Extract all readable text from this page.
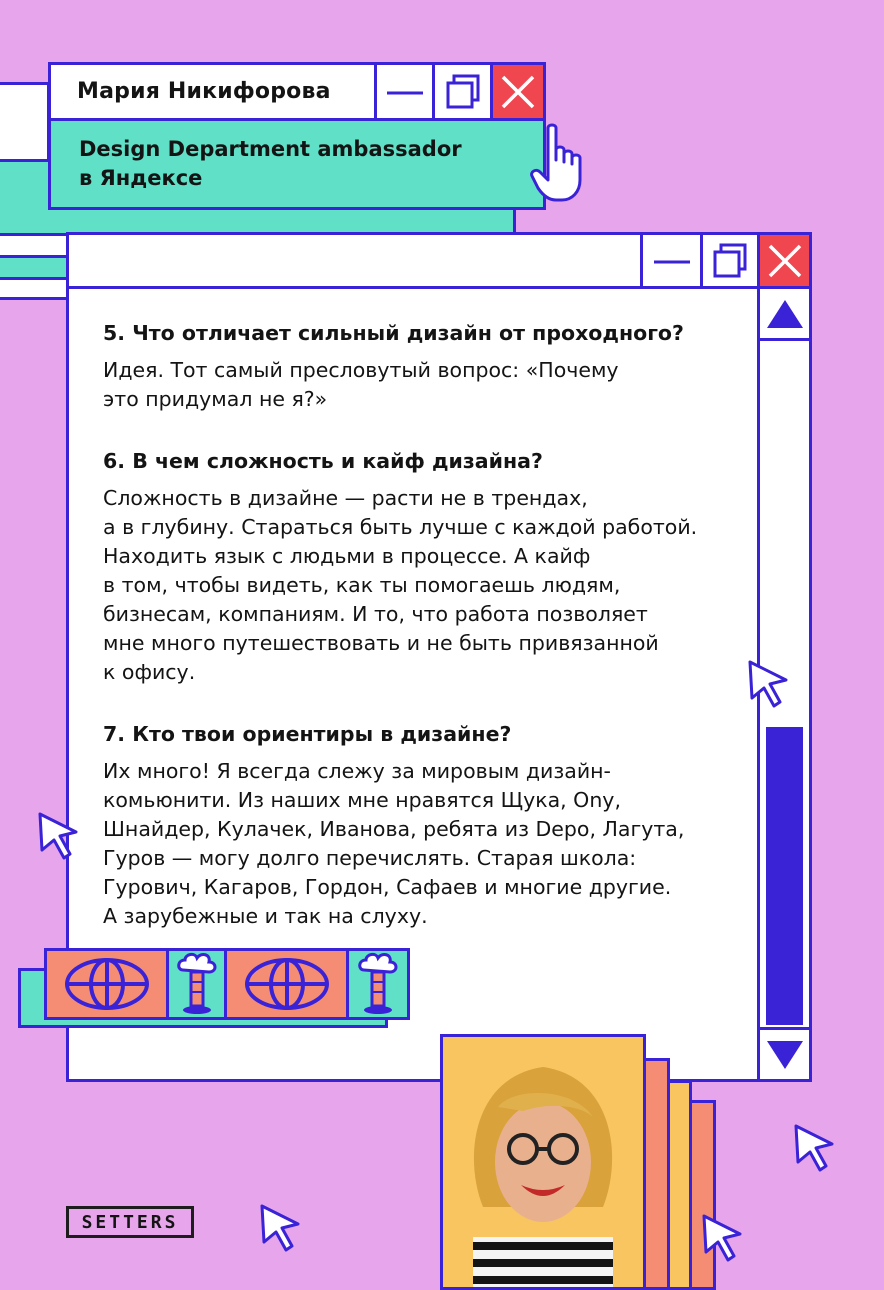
Мария Никифорова
Design Department ambassador
в Яндексе

5. Что отличает сильный дизайн от проходного?

Идея. Тот самый пресловутый вопрос: «Почему
это придумал не я?»

6. В чем сложность и кайф дизайна?

Сложность в дизайне — расти не в трендах,
а в глубину. Стараться быть лучше с каждой работой.
Находить язык с людьми в процессе. А кайф
в том, чтобы видеть, как ты помогаешь людям,
бизнесам, компаниям. И то, что работа позволяет
мне много путешествовать и не быть привязанной
к офису.

7. Кто твои ориентиры в дизайне?

Их много! Я всегда слежу за мировым дизайн-
комьюнити. Из наших мне нравятся Щука, Ony,
Шнайдер, Кулачек, Иванова, ребята из Depo, Лагута,
Гуров — могу долго перечислять. Старая школа:
Гурович, Кагаров, Гордон, Сафаев и многие другие.
А зарубежные и так на слуху.

SETTERS
